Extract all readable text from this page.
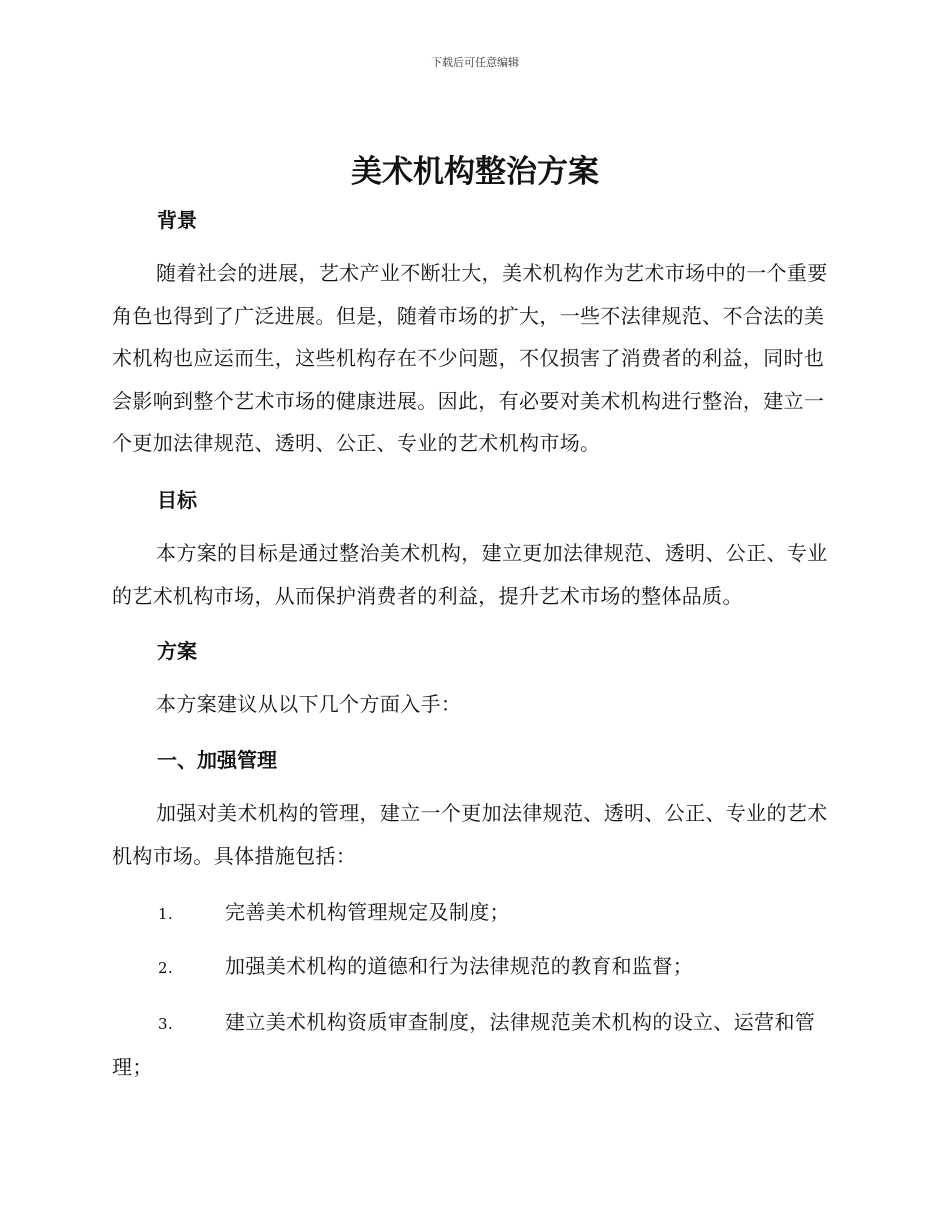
下载后可任意编辑
美术机构整治方案
背景
随着社会的进展，艺术产业不断壮大，美术机构作为艺术市场中的一个重要角色也得到了广泛进展。但是，随着市场的扩大，一些不法律规范、不合法的美术机构也应运而生，这些机构存在不少问题，不仅损害了消费者的利益，同时也会影响到整个艺术市场的健康进展。因此，有必要对美术机构进行整治，建立一个更加法律规范、透明、公正、专业的艺术机构市场。
目标
本方案的目标是通过整治美术机构，建立更加法律规范、透明、公正、专业的艺术机构市场，从而保护消费者的利益，提升艺术市场的整体品质。
方案
本方案建议从以下几个方面入手：
一、加强管理
加强对美术机构的管理，建立一个更加法律规范、透明、公正、专业的艺术机构市场。具体措施包括：
1.	完善美术机构管理规定及制度；
2.	加强美术机构的道德和行为法律规范的教育和监督；
3.	建立美术机构资质审查制度，法律规范美术机构的设立、运营和管理；
